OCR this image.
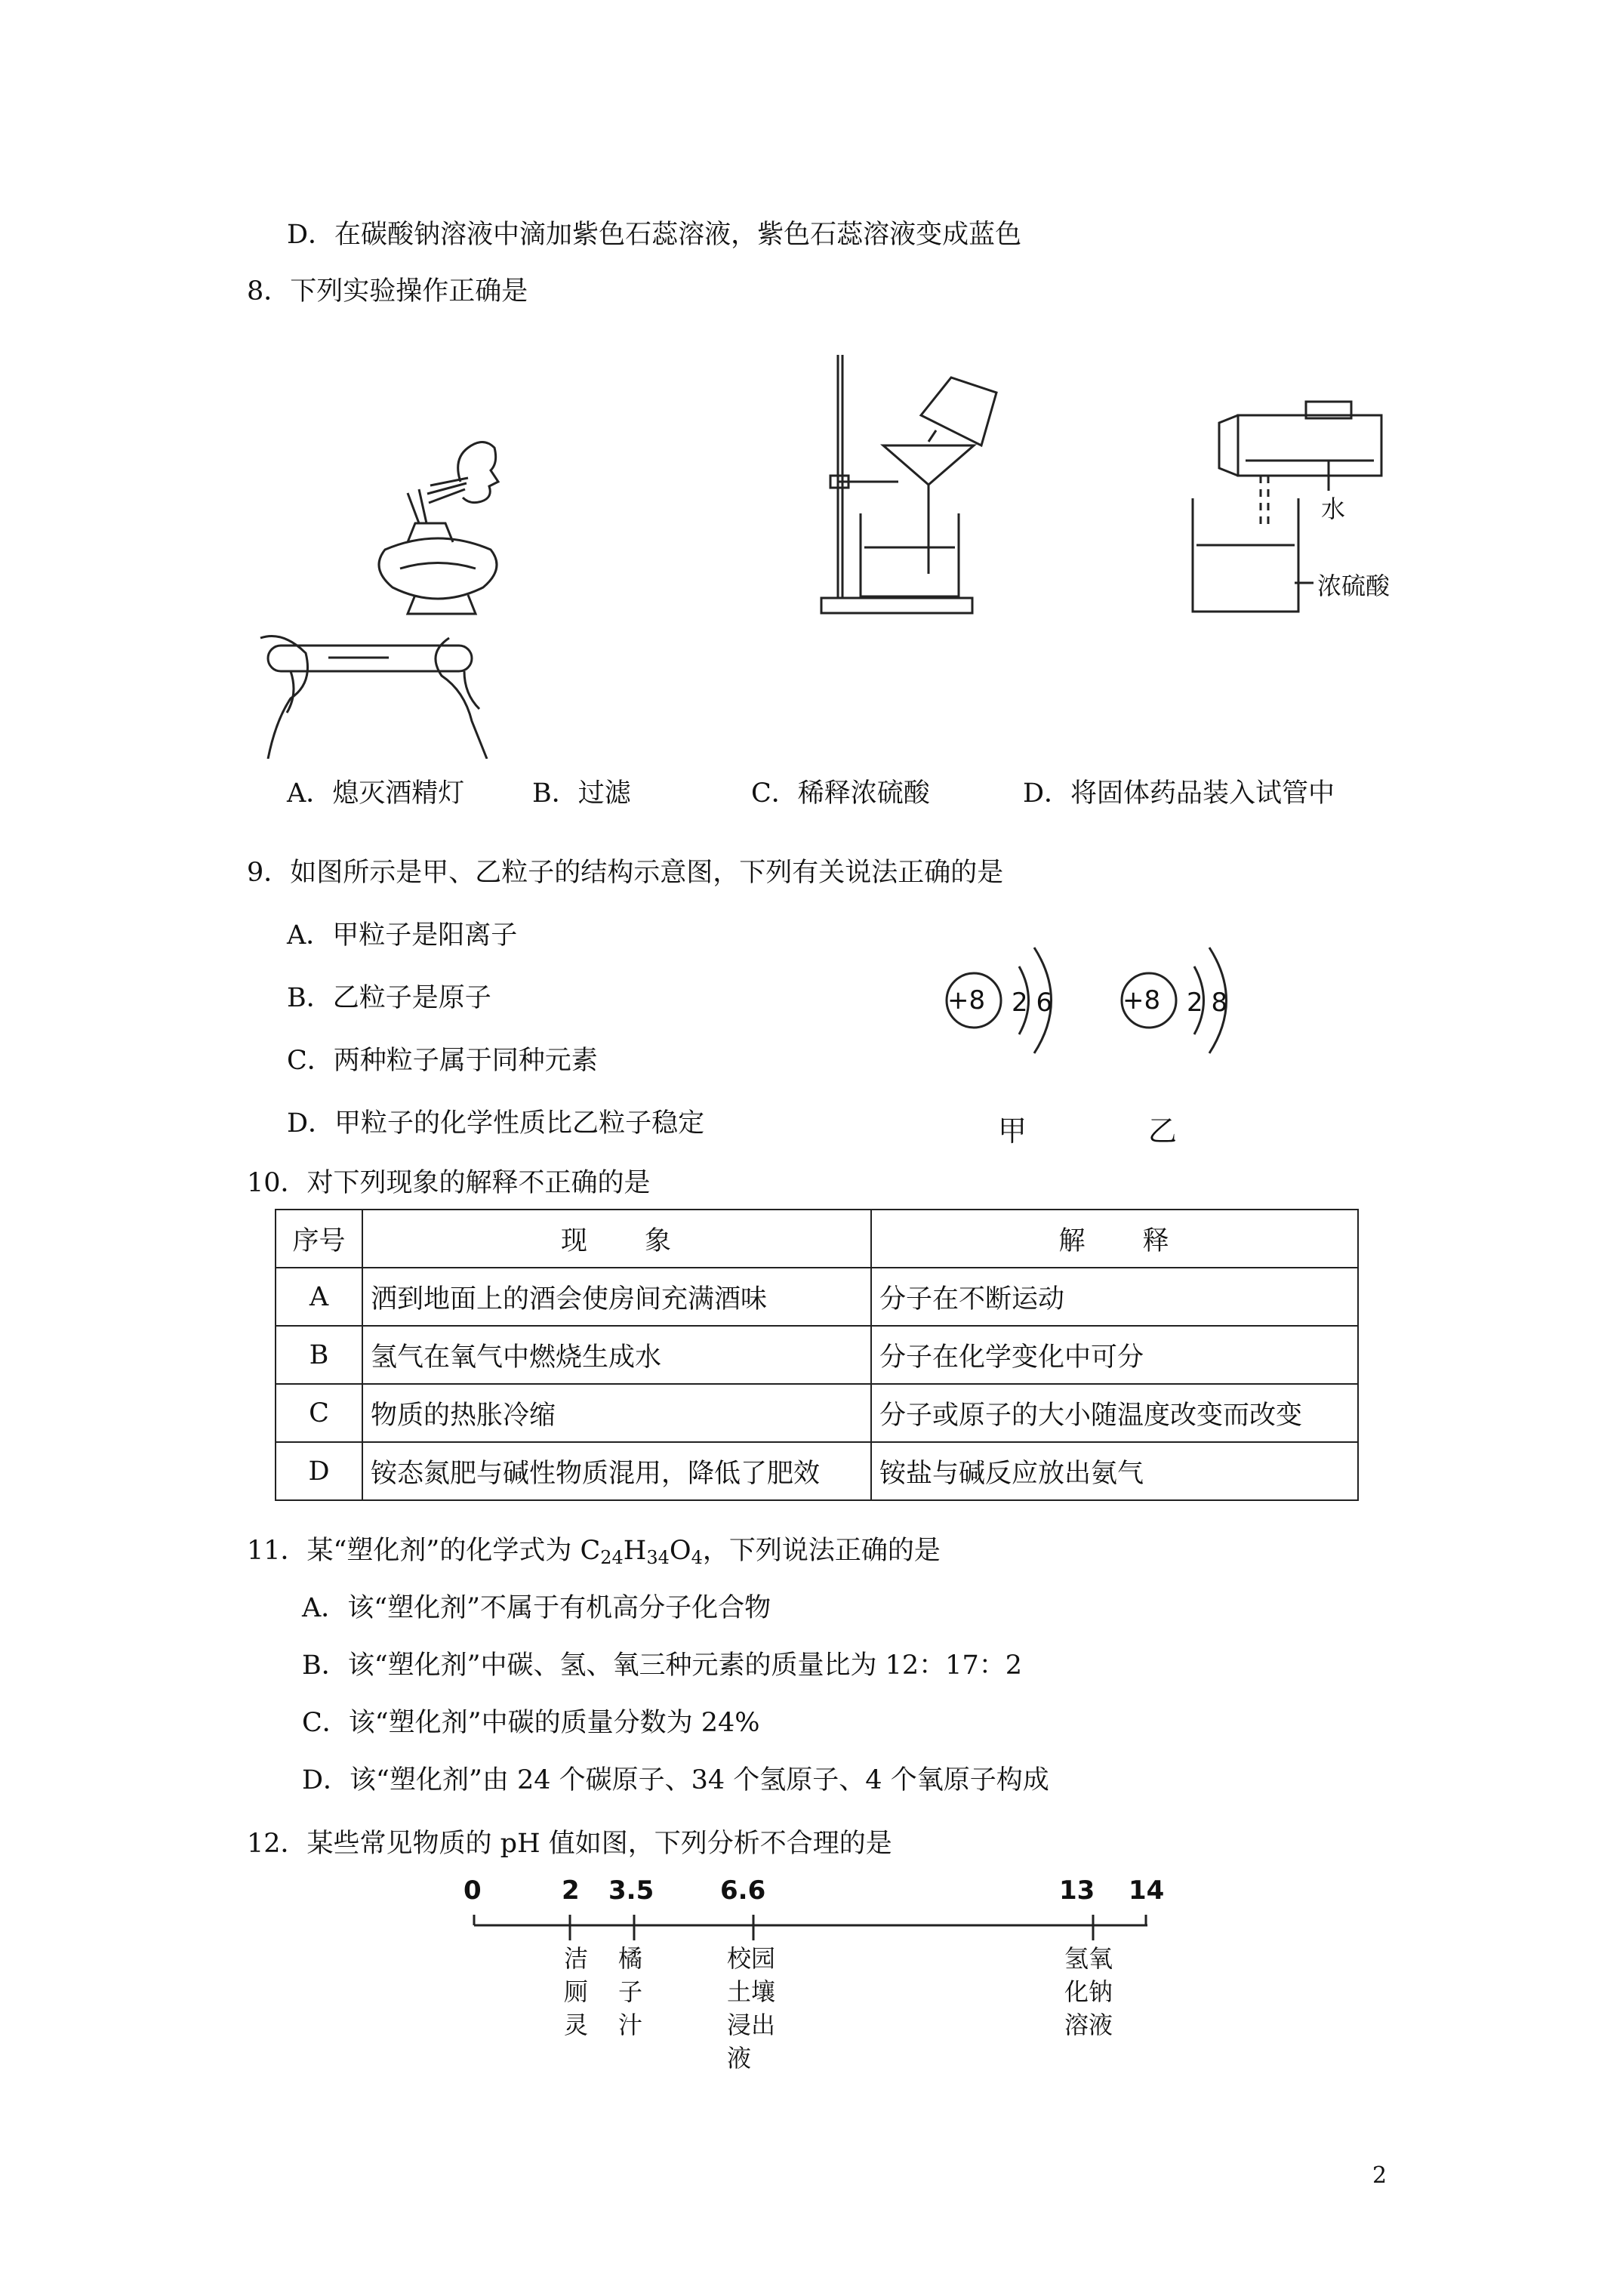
D．在碳酸钠溶液中滴加紫色石蕊溶液，紫色石蕊溶液变成蓝色
8．下列实验操作正确是
水
浓硫酸
A．熄灭酒精灯	B．过滤	C．稀释浓硫酸	D．将固体药品装入试管中
9．如图所示是甲、乙粒子的结构示意图，下列有关说法正确的是
A．甲粒子是阳离子
B．乙粒子是原子
C．两种粒子属于同种元素
D．甲粒子的化学性质比乙粒子稳定
+8 2 6	+8 2 8
甲	乙
10．对下列现象的解释不正确的是
序号	现　　象	解　　释
A	洒到地面上的酒会使房间充满酒味	分子在不断运动
B	氢气在氧气中燃烧生成水	分子在化学变化中可分
C	物质的热胀冷缩	分子或原子的大小随温度改变而改变
D	铵态氮肥与碱性物质混用，降低了肥效	铵盐与碱反应放出氨气
11．某“塑化剂”的化学式为 $C_{24}H_{34}O_4$，下列说法正确的是
A．该“塑化剂”不属于有机高分子化合物
B．该“塑化剂”中碳、氢、氧三种元素的质量比为 12：17：2
C．该“塑化剂”中碳的质量分数为 24%
D．该“塑化剂”由 24 个碳原子、34 个氢原子、4 个氧原子构成
12．某些常见物质的 pH 值如图，下列分析不合理的是
0	2 3.5	6.6	13 14
洁
厕
灵
橘
子
汁
校园
土壤
浸出
液
氢氧
化钠
溶液
2
